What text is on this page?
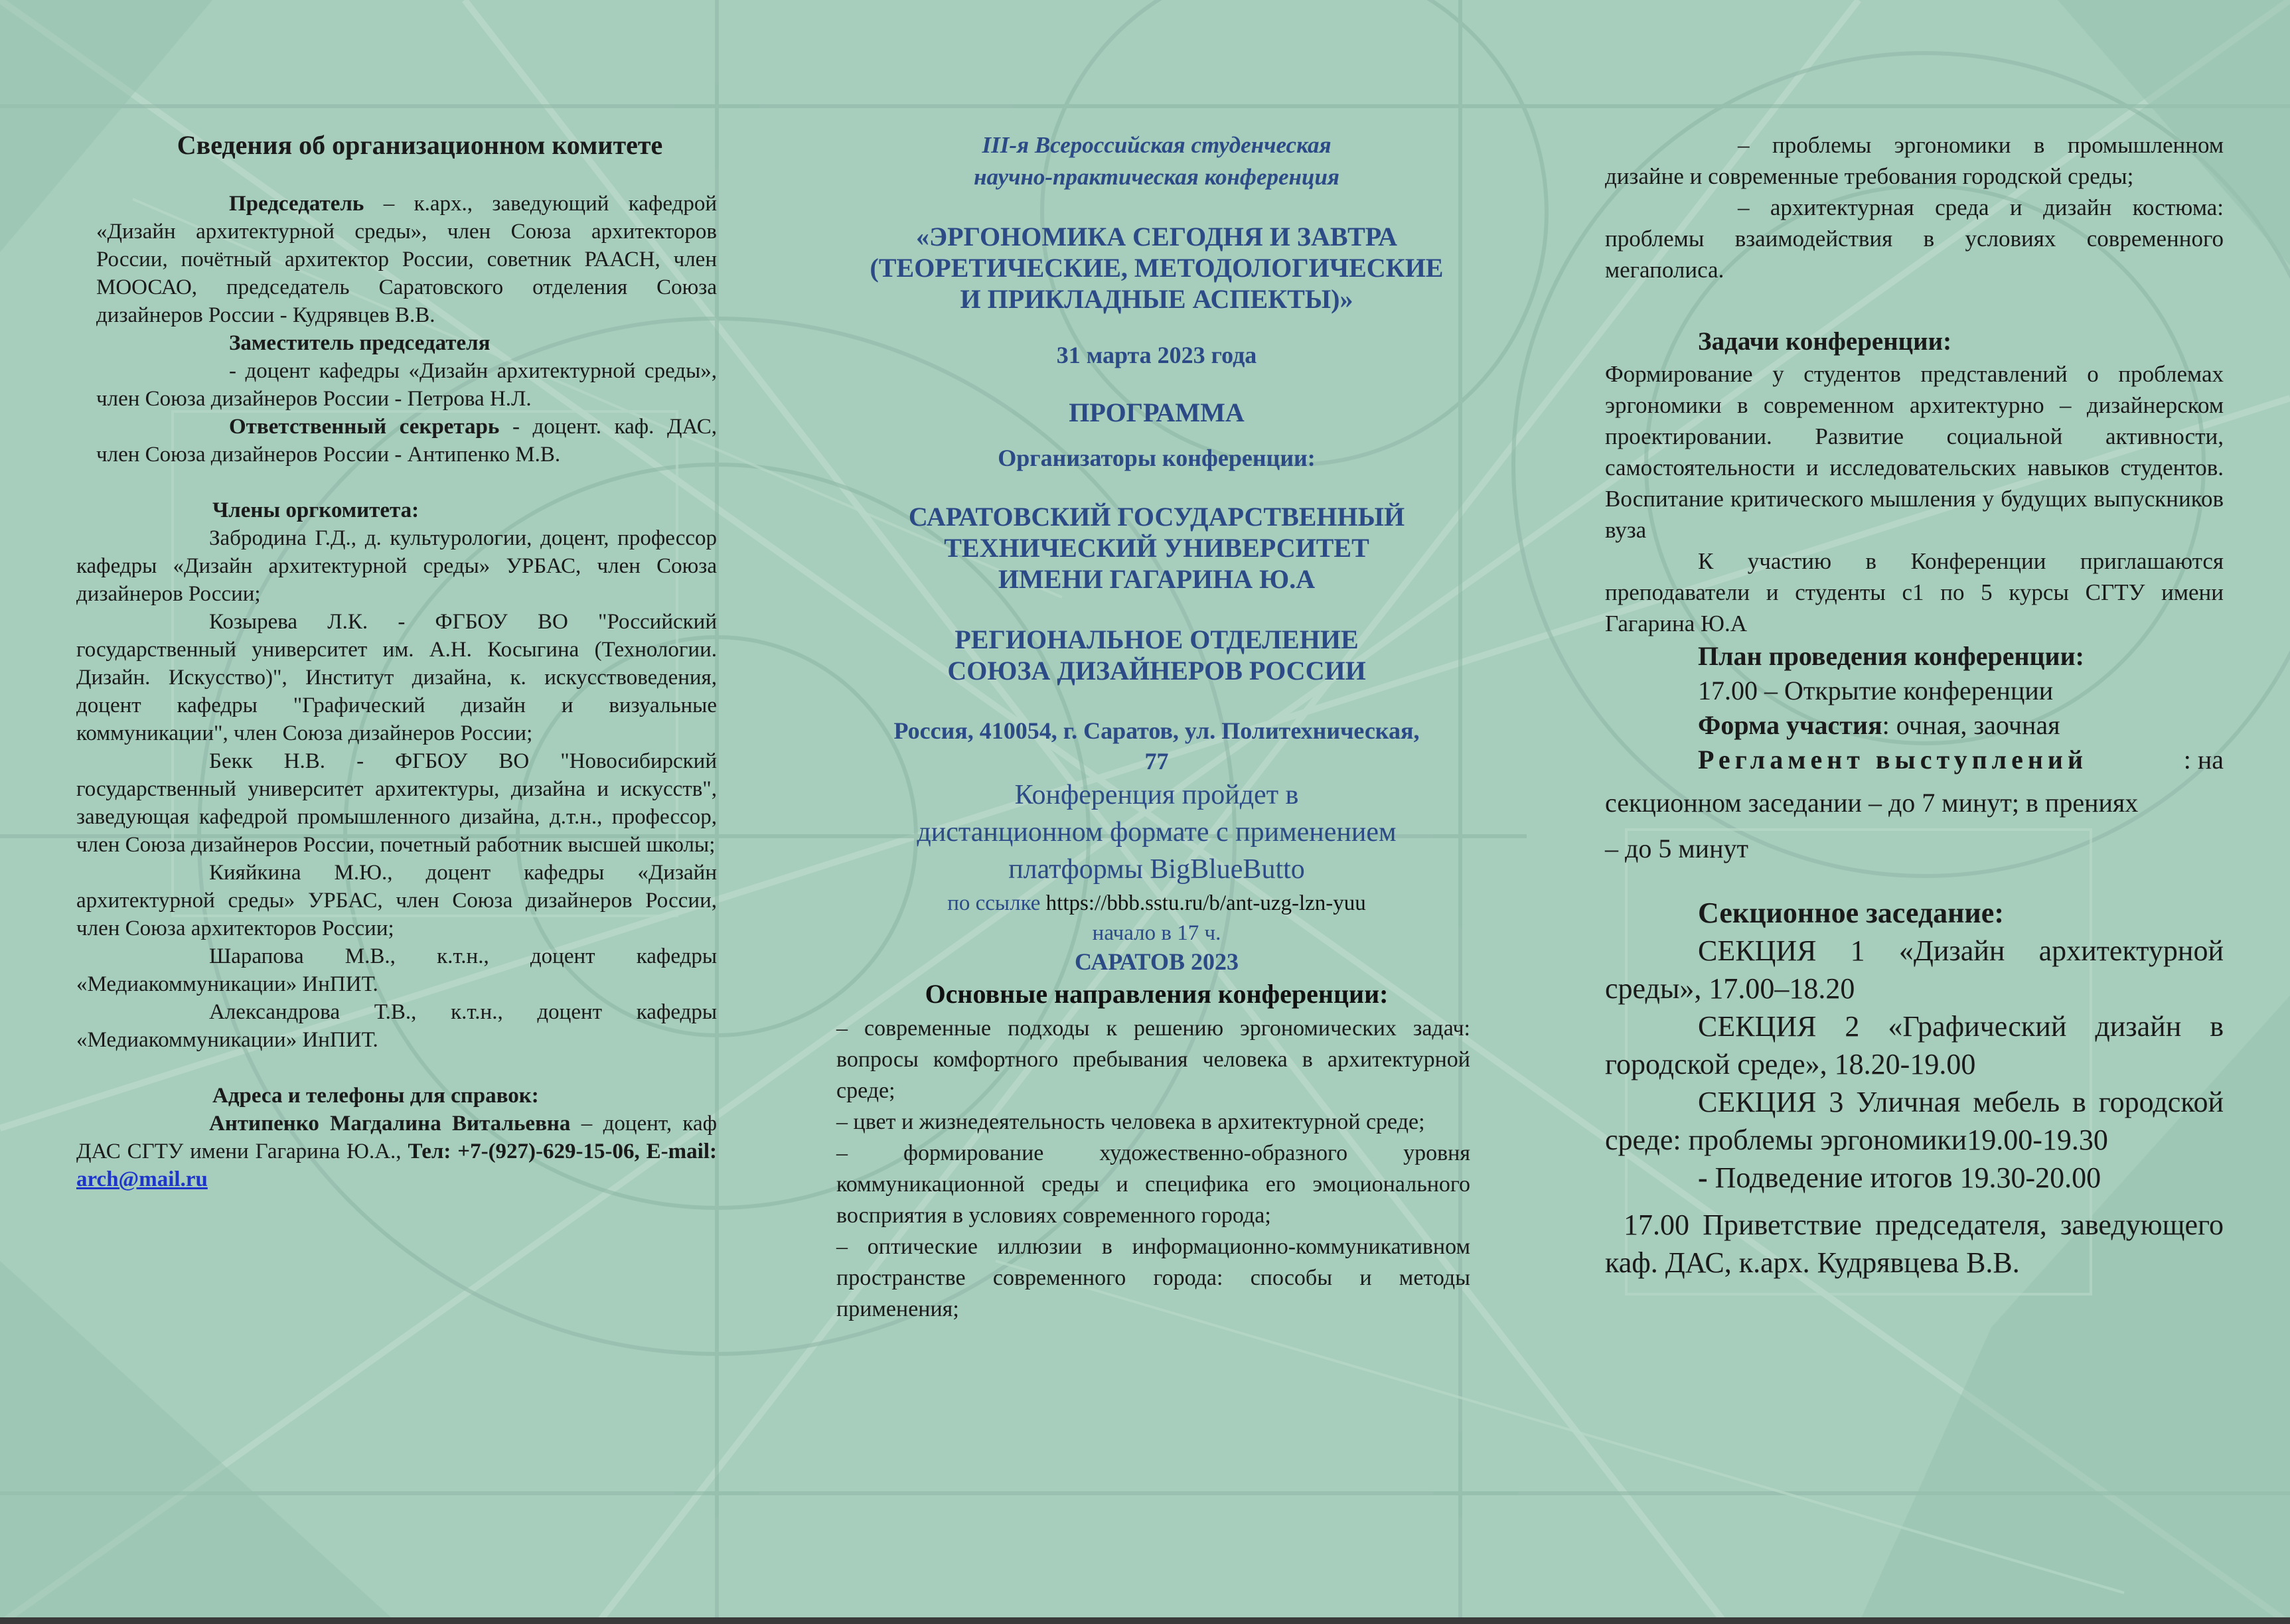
Сведения об организационном комитете

Председатель – к.арх., заведующий кафедрой «Дизайн архитектурной среды», член Союза архитекторов России, почётный архитектор России, советник РААСН, член МООСАО, председатель Саратовского отделения Союза дизайнеров России - Кудрявцев В.В.

Заместитель председателя

- доцент кафедры «Дизайн архитектурной среды», член Союза дизайнеров России - Петрова Н.Л.

Ответственный секретарь - доцент. каф. ДАС, член Союза дизайнеров России - Антипенко М.В.

Члены оргкомитета:

Забродина Г.Д., д. культурологии, доцент, профессор кафедры «Дизайн архитектурной среды» УРБАС, член Союза дизайнеров России;

Козырева Л.К. - ФГБОУ ВО "Российский государственный университет им. А.Н. Косыгина (Технологии. Дизайн. Искусство)", Институт дизайна, к. искусствоведения, доцент кафедры "Графический дизайн и визуальные коммуникации", член Союза дизайнеров России;

Бекк Н.В. - ФГБОУ ВО "Новосибирский государственный университет архитектуры, дизайна и искусств", заведующая кафедрой промышленного дизайна, д.т.н., профессор, член Союза дизайнеров России, почетный работник высшей школы;

Кияйкина М.Ю., доцент кафедры «Дизайн архитектурной среды» УРБАС, член Союза дизайнеров России, член Союза архитекторов России;

Шарапова М.В., к.т.н., доцент кафедры «Медиакоммуникации» ИнПИТ.

Александрова Т.В., к.т.н., доцент кафедры «Медиакоммуникации» ИнПИТ.

Адреса и телефоны для справок:

Антипенко Магдалина Витальевна – доцент, каф ДАС СГТУ имени Гагарина Ю.А., Тел: +7-(927)-629-15-06, E-mail: arch@mail.ru

III-я Всероссийская студенческая
научно-практическая конференция
«ЭРГОНОМИКА СЕГОДНЯ И ЗАВТРА
(ТЕОРЕТИЧЕСКИЕ, МЕТОДОЛОГИЧЕСКИЕ
И ПРИКЛАДНЫЕ АСПЕКТЫ)»
31 марта 2023 года
ПРОГРАММА
Организаторы конференции:
САРАТОВСКИЙ ГОСУДАРСТВЕННЫЙ
ТЕХНИЧЕСКИЙ УНИВЕРСИТЕТ
ИМЕНИ ГАГАРИНА Ю.А
РЕГИОНАЛЬНОЕ ОТДЕЛЕНИЕ
СОЮЗА ДИЗАЙНЕРОВ РОССИИ
Россия, 410054, г. Саратов, ул. Политехническая,
77
Конференция пройдет в
дистанционном формате с применением
платформы BigBlueButto
по ссылке https://bbb.sstu.ru/b/ant-uzg-lzn-yuu
начало в 17 ч.
САРАТОВ 2023
Основные направления конференции:

– современные подходы к решению эргономических задач: вопросы комфортного пребывания человека в архитектурной среде;

– цвет и жизнедеятельность человека в архитектурной среде;

– формирование художественно-образного уровня коммуникационной среды и специфика его эмоционального восприятия в условиях современного города;

– оптические иллюзии в информационно-коммуникативном пространстве современного города: способы и методы применения;

– проблемы эргономики в промышленном дизайне и современные требования городской среды;

– архитектурная среда и дизайн костюма: проблемы взаимодействия в условиях современного мегаполиса.

Задачи конференции:

Формирование у студентов представлений о проблемах эргономики в современном архитектурно – дизайнерском проектировании. Развитие социальной активности, самостоятельности и исследовательских навыков студентов. Воспитание критического мышления у будущих выпускников вуза

К участию в Конференции приглашаются преподаватели и студенты с1 по 5 курсы СГТУ имени Гагарина Ю.А

План проведения конференции:

17.00 – Открытие конференции

Форма участия: очная, заочная

Регламент выступлений	: на

секционном заседании – до 7 минут; в прениях

– до 5 минут

Секционное заседание:

СЕКЦИЯ 1 «Дизайн архитектурной среды», 17.00–18.20

СЕКЦИЯ 2 «Графический дизайн в городской среде», 18.20-19.00

СЕКЦИЯ 3 Уличная мебель в городской среде: проблемы эргономики19.00-19.30

- Подведение итогов 19.30-20.00

17.00 Приветствие председателя, заведующего каф. ДАС, к.арх. Кудрявцева В.В.
